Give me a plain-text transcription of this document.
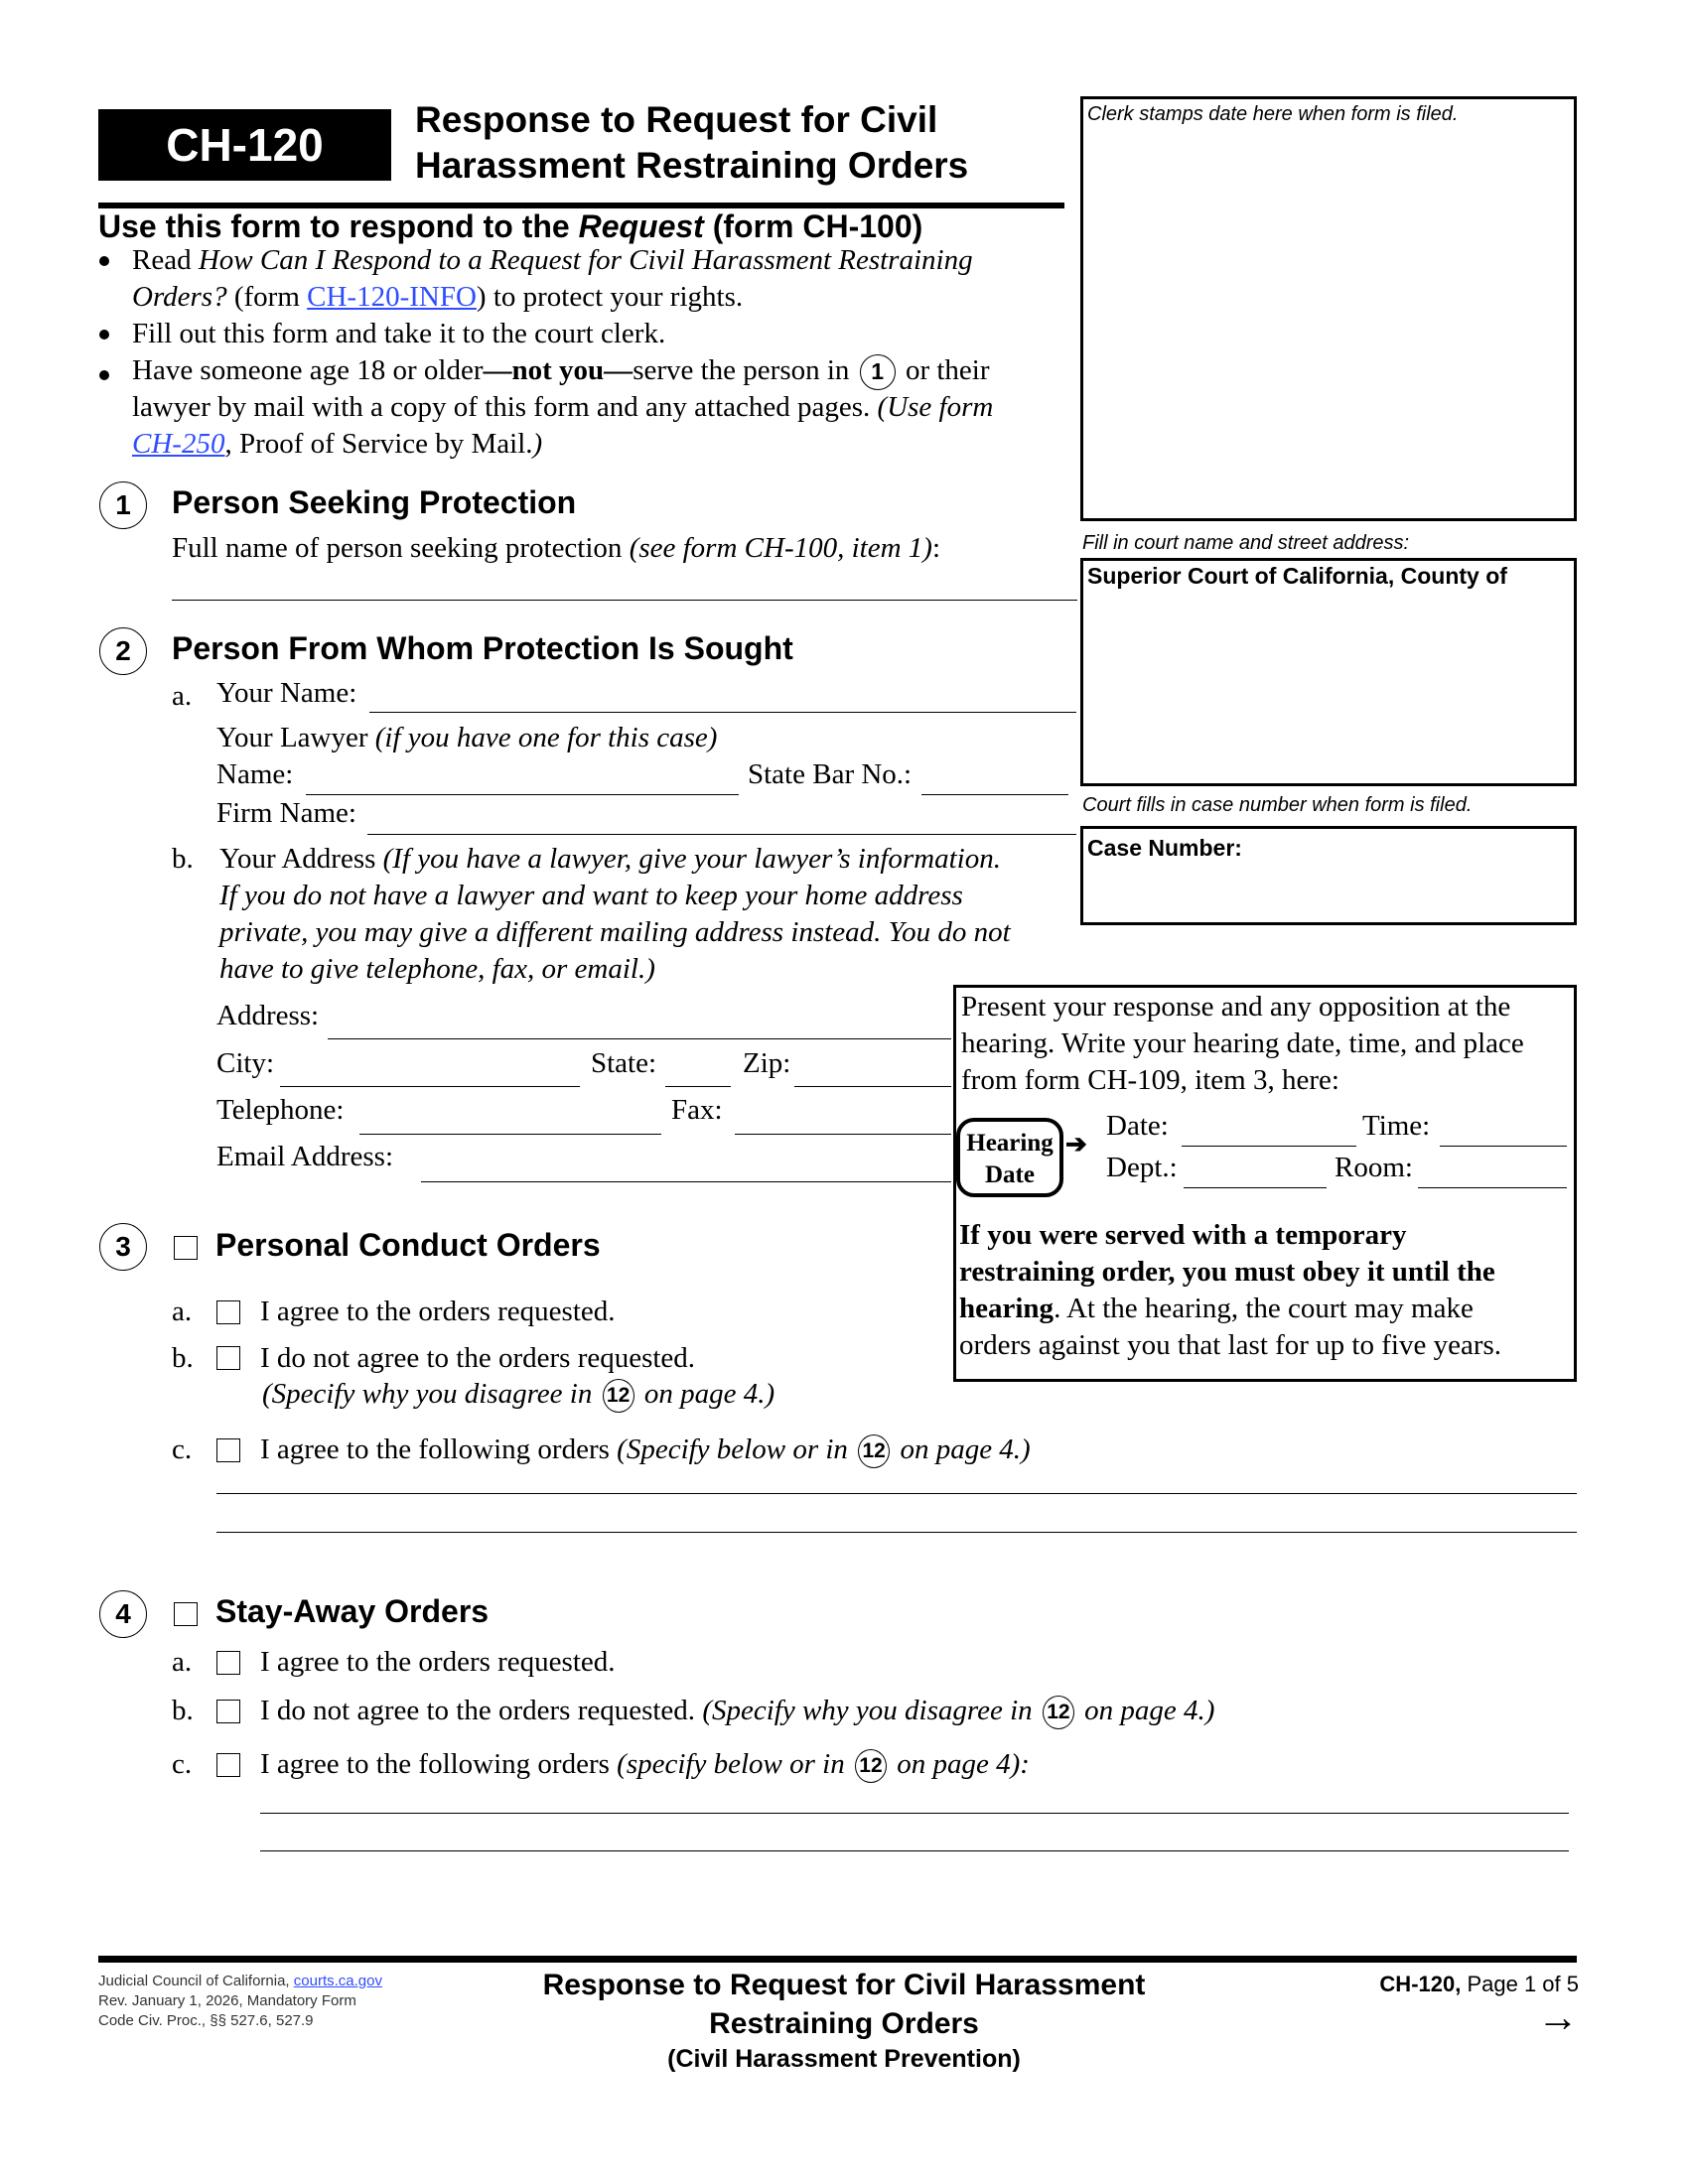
CH-120	Response to Request for Civil
Harassment Restraining Orders
Use this form to respond to the Request (form CH-100)
Read How Can I Respond to a Request for Civil Harassment Restraining
Orders? (form CH-120-INFO) to protect your rights.
Fill out this form and take it to the court clerk.
Have someone age 18 or older—not you—serve the person in 1 or their
lawyer by mail with a copy of this form and any attached pages. (Use form
CH-250, Proof of Service by Mail.)
Clerk stamps date here when form is filed.
Fill in court name and street address:
Superior Court of California, County of
Court fills in case number when form is filed.
Case Number:
Present your response and any opposition at the
hearing. Write your hearing date, time, and place
from form CH-109, item 3, here:
Hearing
Date
➔
Date:	Time:
Dept.:	Room:
If you were served with a temporary
restraining order, you must obey it until the
hearing. At the hearing, the court may make
orders against you that last for up to five years.
1	Person Seeking Protection
Full name of person seeking protection (see form CH-100, item 1):
2	Person From Whom Protection Is Sought
a. Your Name:
Your Lawyer (if you have one for this case)
Name:	State Bar No.:
Firm Name:
b. Your Address (If you have a lawyer, give your lawyer’s information.
If you do not have a lawyer and want to keep your home address
private, you may give a different mailing address instead. You do not
have to give telephone, fax, or email.)
Address:
City:	State:	Zip:
Telephone:	Fax:
Email Address:
3	Personal Conduct Orders
a. I agree to the orders requested.
b. I do not agree to the orders requested.
(Specify why you disagree in 12 on page 4.)
c. I agree to the following orders (Specify below or in 12 on page 4.)
4	Stay-Away Orders
a. I agree to the orders requested.
b. I do not agree to the orders requested. (Specify why you disagree in 12 on page 4.)
c. I agree to the following orders (specify below or in 12 on page 4):
Judicial Council of California, courts.ca.gov
Rev. January 1, 2026, Mandatory Form
Code Civ. Proc., §§ 527.6, 527.9
Response to Request for Civil Harassment
Restraining Orders
(Civil Harassment Prevention)
CH-120, Page 1 of 5
→
